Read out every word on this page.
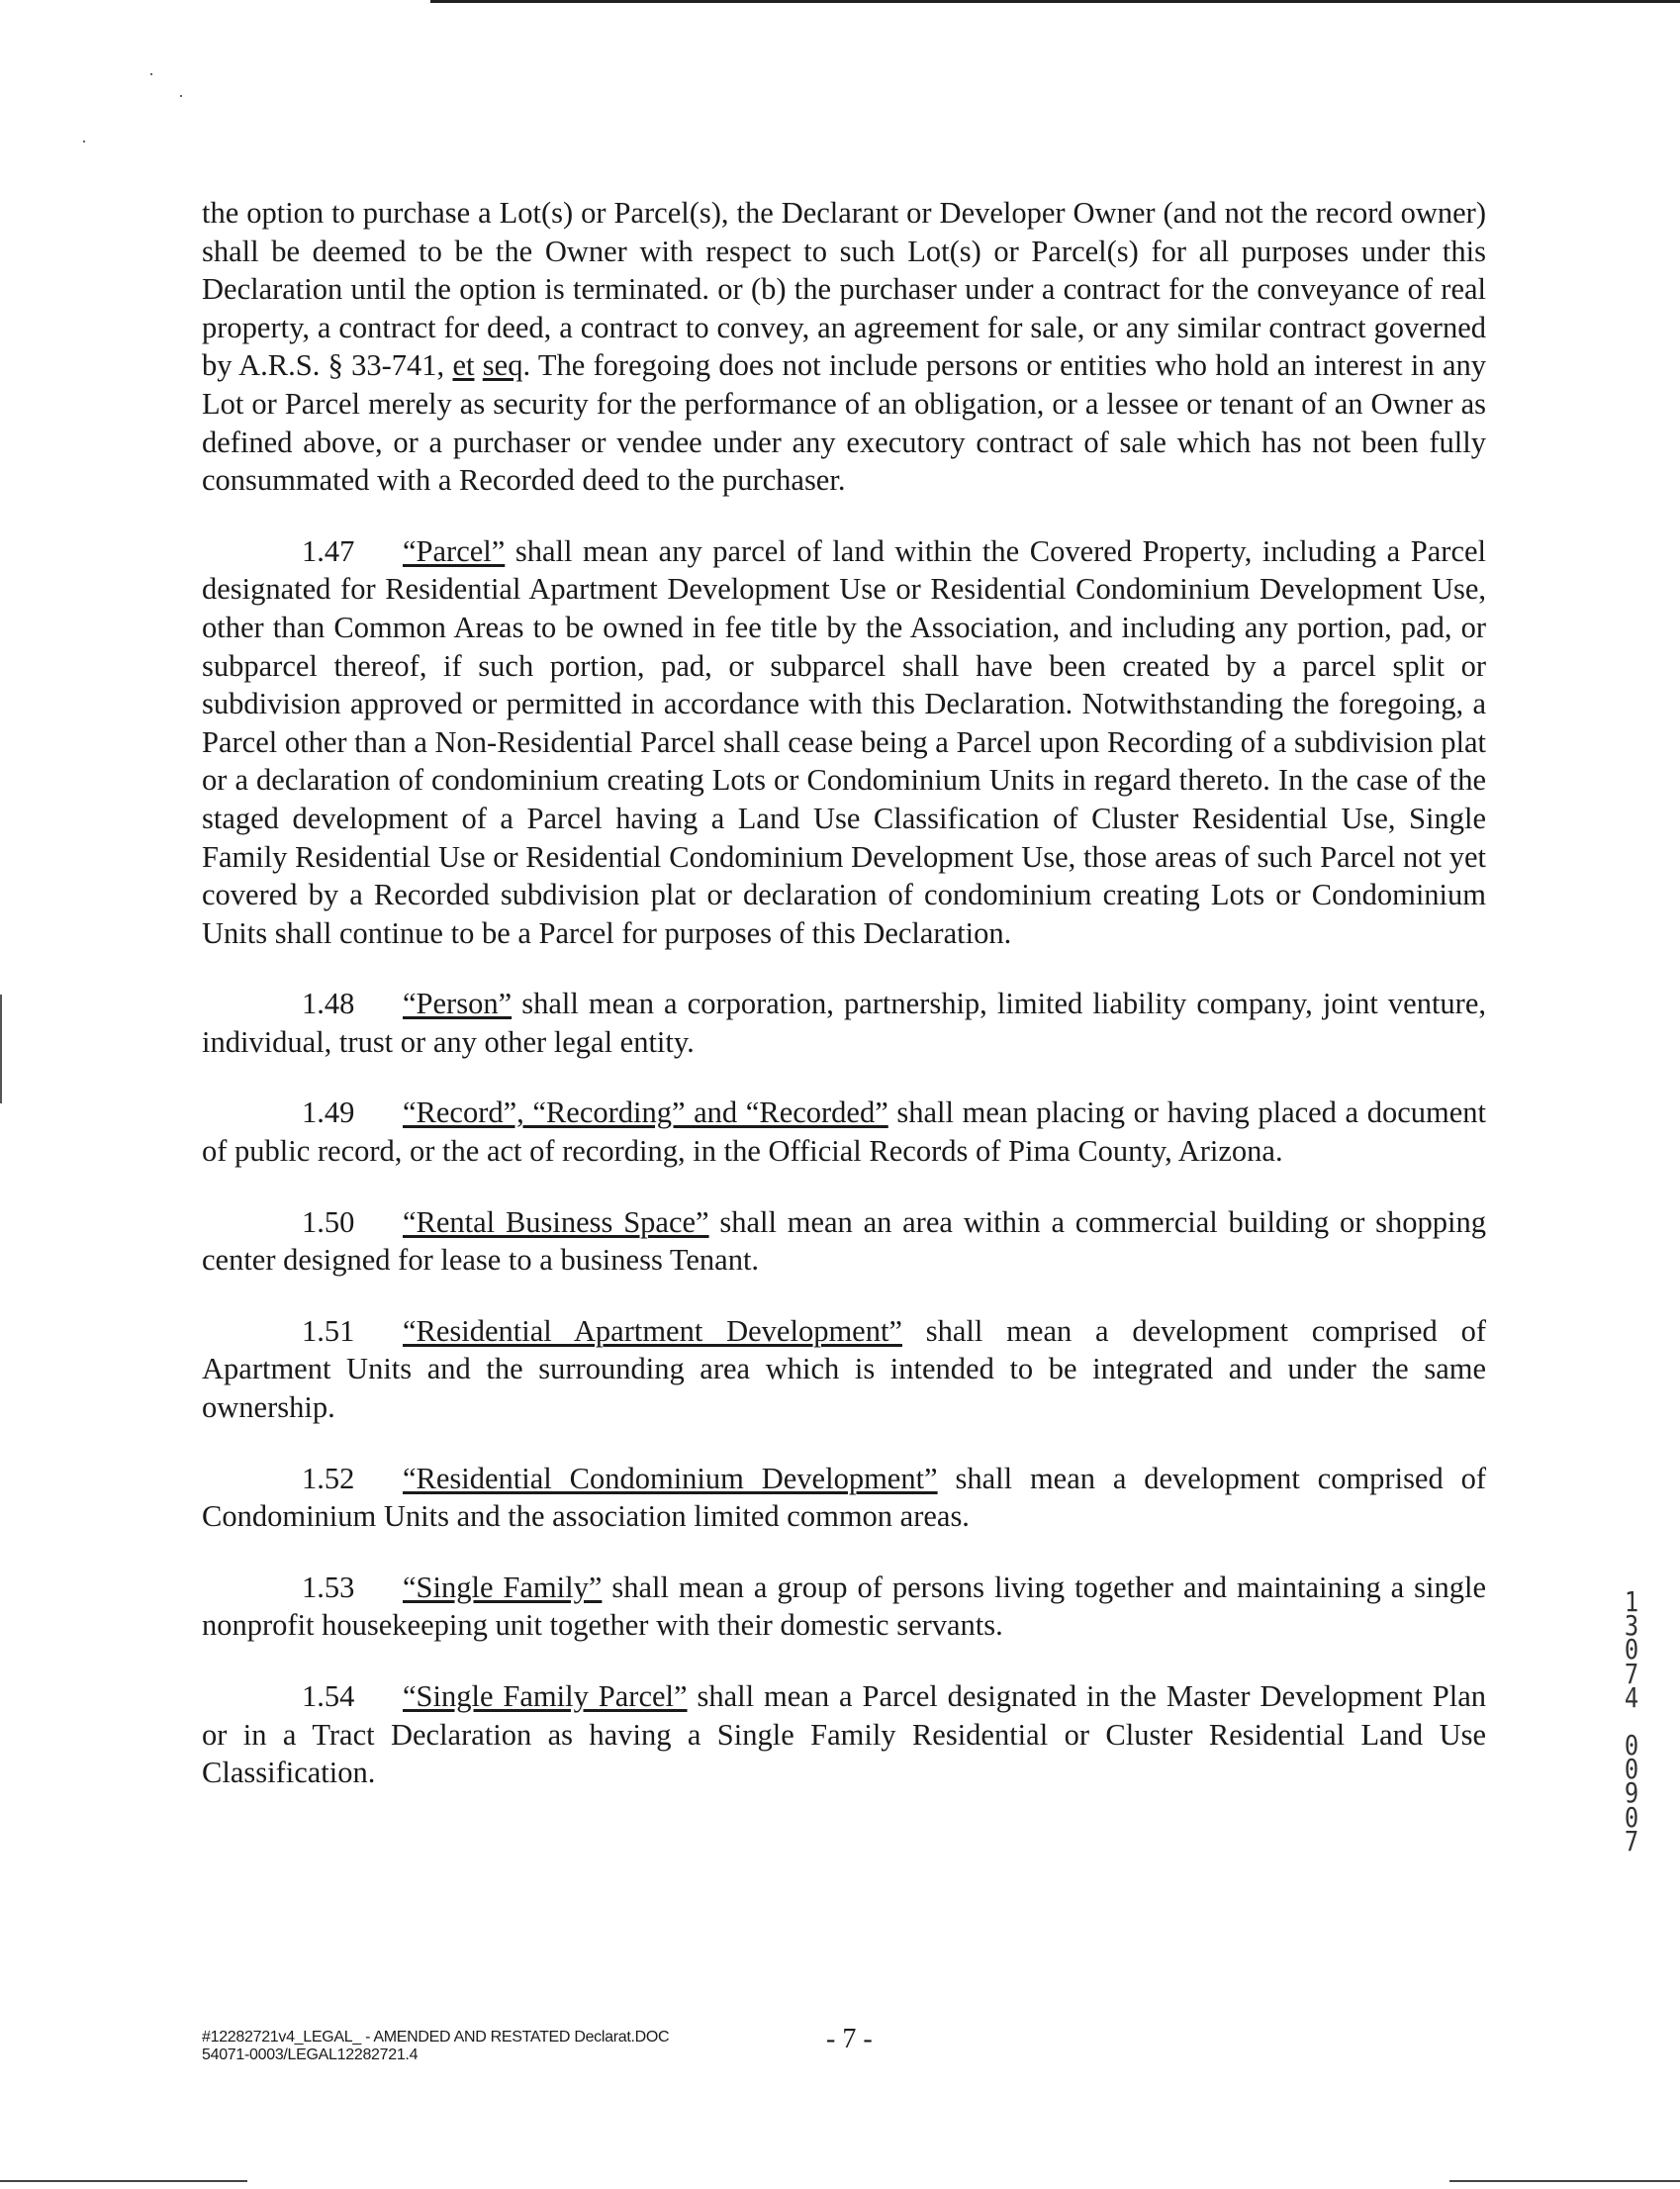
the option to purchase a Lot(s) or Parcel(s), the Declarant or Developer Owner (and not the record owner) shall be deemed to be the Owner with respect to such Lot(s) or Parcel(s) for all purposes under this Declaration until the option is terminated. or (b) the purchaser under a contract for the conveyance of real property, a contract for deed, a contract to convey, an agreement for sale, or any similar contract governed by A.R.S. § 33-741, et seq. The foregoing does not include persons or entities who hold an interest in any Lot or Parcel merely as security for the performance of an obligation, or a lessee or tenant of an Owner as defined above, or a purchaser or vendee under any executory contract of sale which has not been fully consummated with a Recorded deed to the purchaser.

1.47 “Parcel” shall mean any parcel of land within the Covered Property, including a Parcel designated for Residential Apartment Development Use or Residential Condominium Development Use, other than Common Areas to be owned in fee title by the Association, and including any portion, pad, or subparcel thereof, if such portion, pad, or subparcel shall have been created by a parcel split or subdivision approved or permitted in accordance with this Declaration. Notwithstanding the foregoing, a Parcel other than a Non-Residential Parcel shall cease being a Parcel upon Recording of a subdivision plat or a declaration of condominium creating Lots or Condominium Units in regard thereto. In the case of the staged development of a Parcel having a Land Use Classification of Cluster Residential Use, Single Family Residential Use or Residential Condominium Development Use, those areas of such Parcel not yet covered by a Recorded subdivision plat or declaration of condominium creating Lots or Condominium Units shall continue to be a Parcel for purposes of this Declaration.

1.48 “Person” shall mean a corporation, partnership, limited liability company, joint venture, individual, trust or any other legal entity.

1.49 “Record”, “Recording” and “Recorded” shall mean placing or having placed a document of public record, or the act of recording, in the Official Records of Pima County, Arizona.

1.50 “Rental Business Space” shall mean an area within a commercial building or shopping center designed for lease to a business Tenant.

1.51 “Residential Apartment Development” shall mean a development comprised of Apartment Units and the surrounding area which is intended to be integrated and under the same ownership.

1.52 “Residential Condominium Development” shall mean a development comprised of Condominium Units and the association limited common areas.

1.53 “Single Family” shall mean a group of persons living together and maintaining a single nonprofit housekeeping unit together with their domestic servants.

1.54 “Single Family Parcel” shall mean a Parcel designated in the Master Development Plan or in a Tract Declaration as having a Single Family Residential or Cluster Residential Land Use Classification.

#12282721v4_LEGAL_ - AMENDED AND RESTATED Declarat.DOC
54071-0003/LEGAL12282721.4
- 7 -
1
3
0
7
4
0
0
9
0
7
